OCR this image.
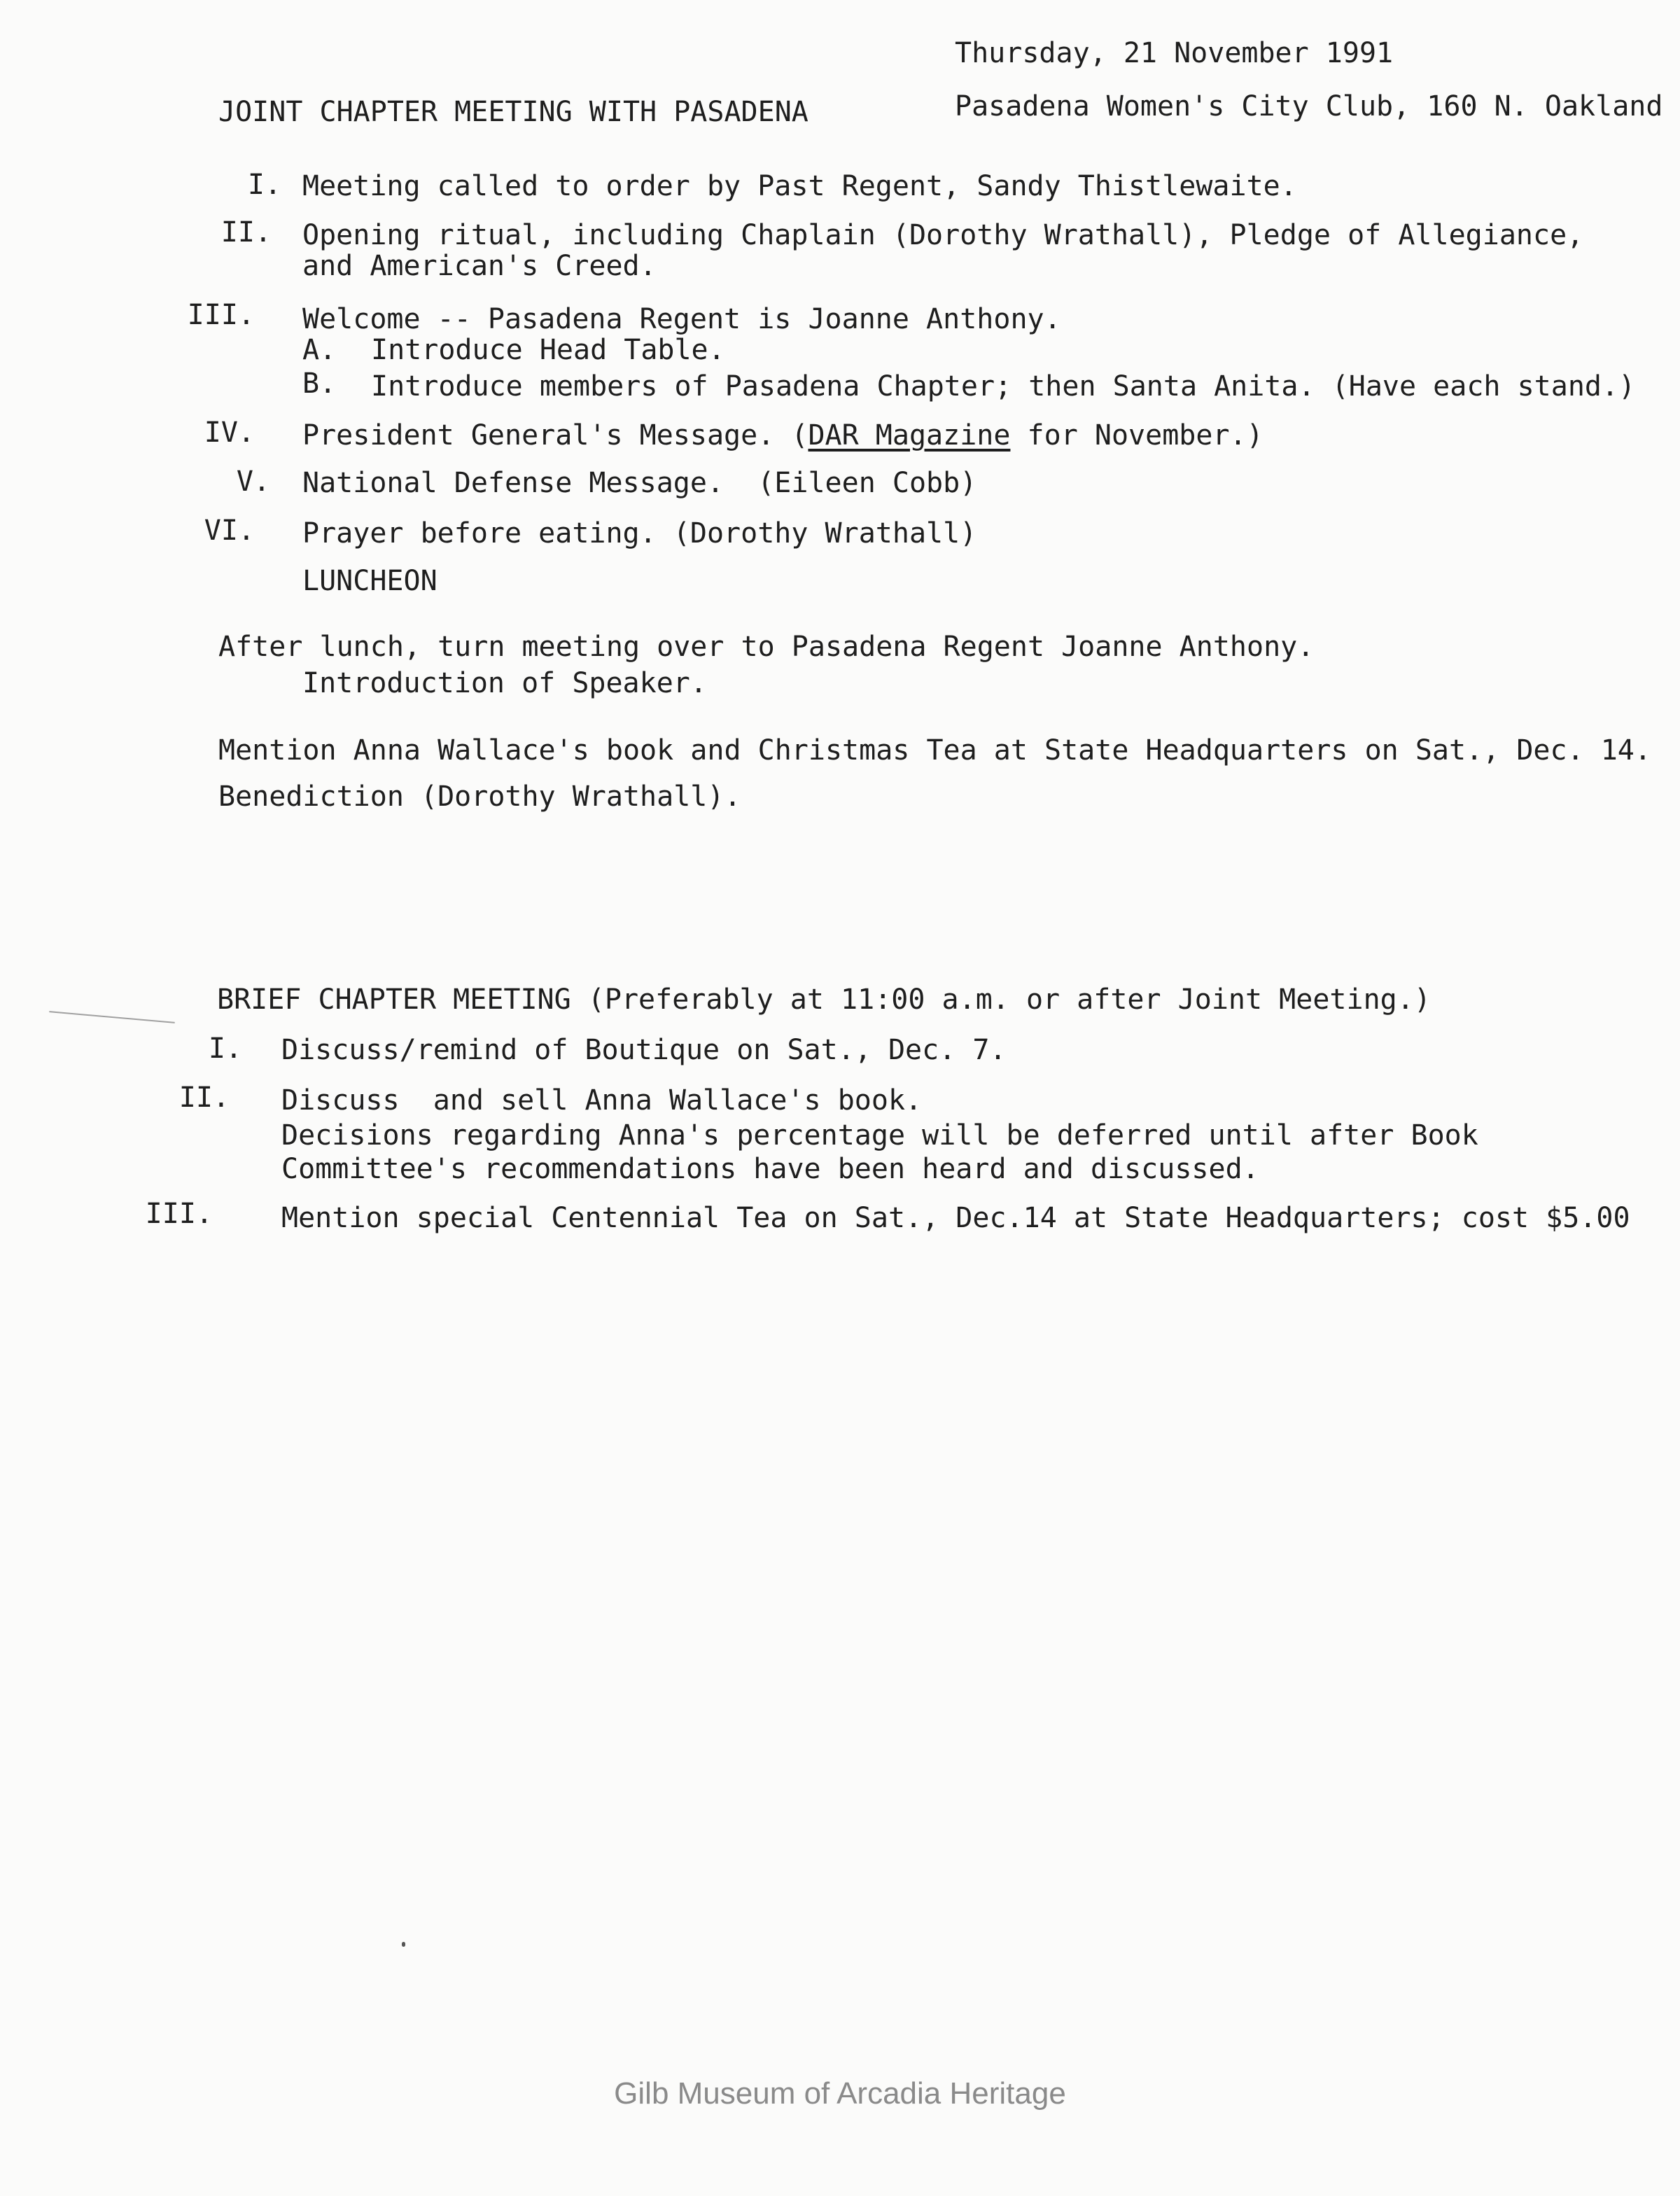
Thursday, 21 November 1991
JOINT CHAPTER MEETING WITH PASADENA	Pasadena Women's City Club, 160 N. Oakland
I. Meeting called to order by Past Regent, Sandy Thistlewaite.
II. Opening ritual, including Chaplain (Dorothy Wrathall), Pledge of Allegiance,
and American's Creed.
III. Welcome -- Pasadena Regent is Joanne Anthony.
A. Introduce Head Table.
B. Introduce members of Pasadena Chapter; then Santa Anita. (Have each stand.)
IV. President General's Message. (DAR Magazine for November.)
V. National Defense Message.  (Eileen Cobb)
VI. Prayer before eating. (Dorothy Wrathall)
LUNCHEON
After lunch, turn meeting over to Pasadena Regent Joanne Anthony.
Introduction of Speaker.
Mention Anna Wallace's book and Christmas Tea at State Headquarters on Sat., Dec. 14.
Benediction (Dorothy Wrathall).
BRIEF CHAPTER MEETING (Preferably at 11:00 a.m. or after Joint Meeting.)
I. Discuss/remind of Boutique on Sat., Dec. 7.
II. Discuss  and sell Anna Wallace's book.
Decisions regarding Anna's percentage will be deferred until after Book
Committee's recommendations have been heard and discussed.
III. Mention special Centennial Tea on Sat., Dec.14 at State Headquarters; cost $5.00
Gilb Museum of Arcadia Heritage
